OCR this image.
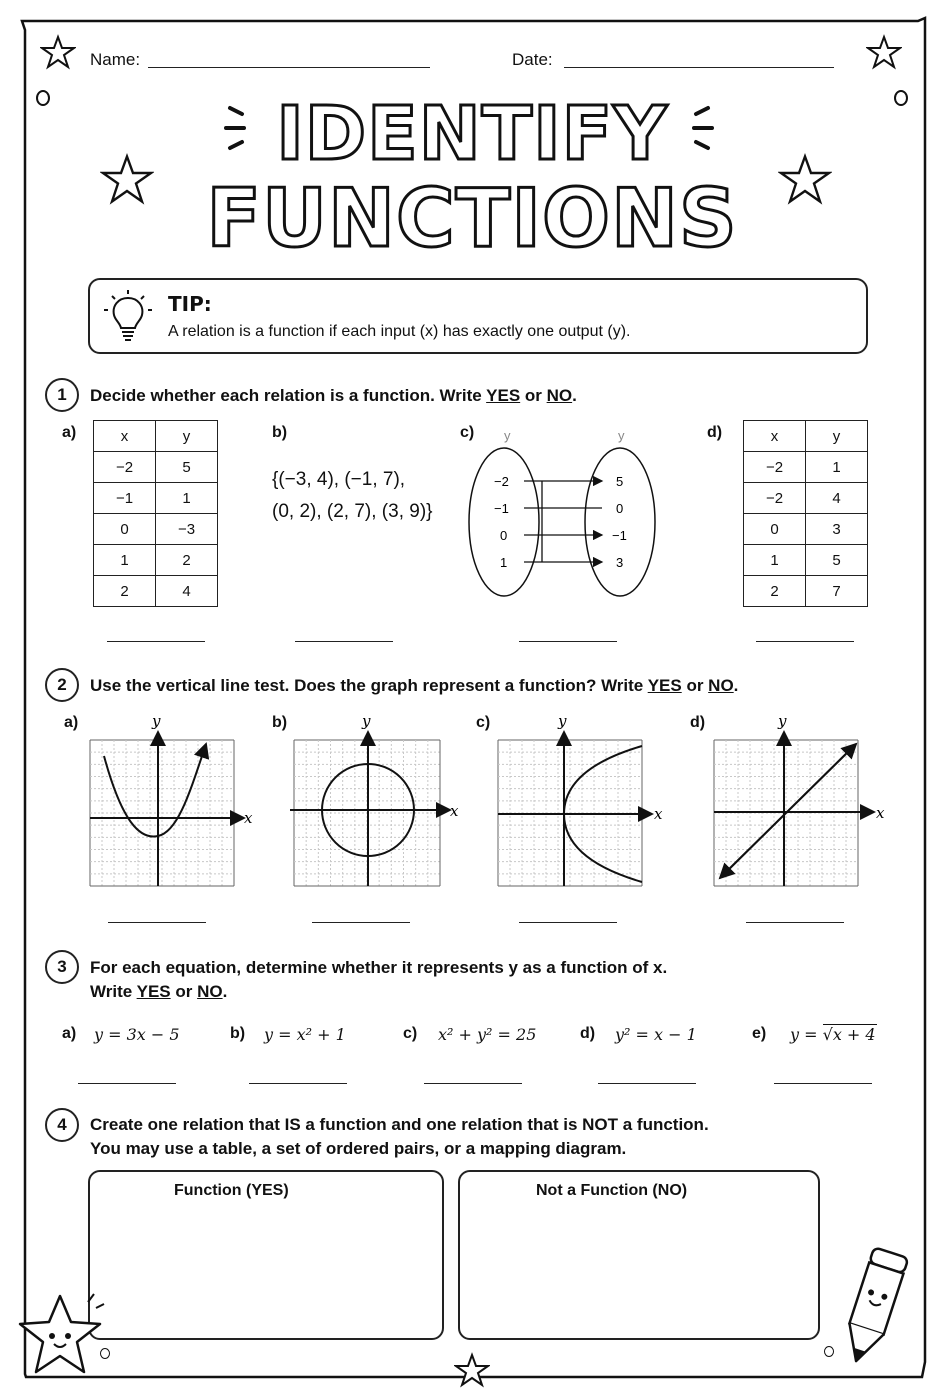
Name:	Date:
IDENTIFY
FUNCTIONS
TIP:
A relation is a function if each input (x) has exactly one output (y).
1	Decide whether each relation is a function. Write YES or NO.
a)	x	y
−2	5
−1	1
0	−3
1	2
2	4
b)
{(−3, 4), (−1, 7),
(0, 2), (2, 7), (3, 9)}
c) y	y
−2
−1
0
1
5
0
−1
3
d)	x	y
−2	1
−2	4
0	3
1	5
2	7
2	Use the vertical line test. Does the graph represent a function? Write YES or NO.
a)	b)	c)	d)
x
y
x
y
x
y
x
y
3	For each equation, determine whether it represents y as a function of x.
Write YES or NO.
a) y = 3x − 5	b) y = x² + 1	c) x² + y² = 25	d) y² = x − 1	e) y = √x + 4
4	Create one relation that IS a function and one relation that is NOT a function.
You may use a table, a set of ordered pairs, or a mapping diagram.
Function (YES)	Not a Function (NO)
